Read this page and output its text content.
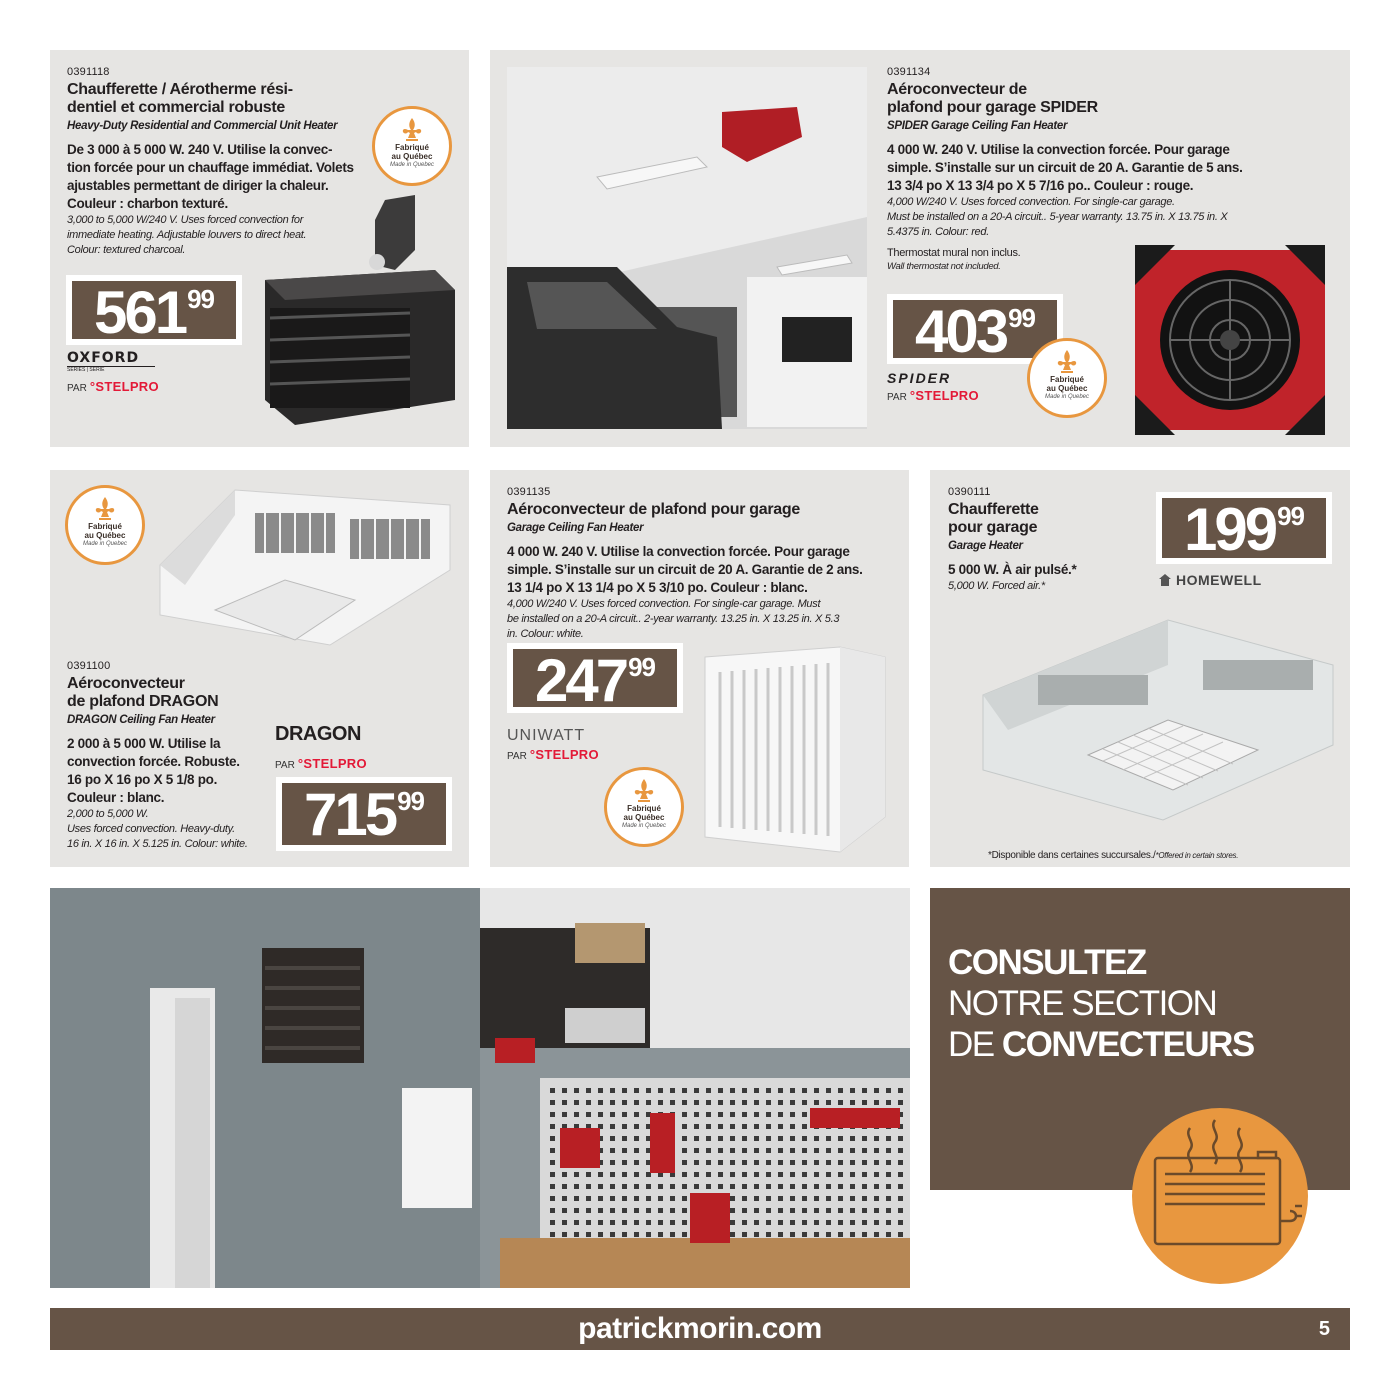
0391118
Chaufferette / Aérotherme rési-
dentiel et commercial robuste
Heavy-Duty Residential and Commercial Unit Heater
De 3 000 à 5 000 W. 240 V. Utilise la convec-
tion forcée pour un chauffage immédiat. Volets
ajustables permettant de diriger la chaleur.
Couleur : charbon texturé.
3,000 to 5,000 W/240 V. Uses forced convection for
immediate heating. Adjustable louvers to direct heat.
Colour: textured charcoal.
Fabriqué
au Québec
Made in Quebec
561 99
OXFORD
SÉRIES | SÉRIE
PAR °STELPRO
0391134
Aéroconvecteur de
plafond pour garage SPIDER
SPIDER Garage Ceiling Fan Heater
4 000 W. 240 V. Utilise la convection forcée. Pour garage
simple. S’installe sur un circuit de 20 A. Garantie de 5 ans.
13 3/4 po X 13 3/4 po X 5 7/16 po.. Couleur : rouge.
4,000 W/240 V. Uses forced convection. For single-car garage.
Must be installed on a 20-A circuit.. 5-year warranty. 13.75 in. X 13.75 in. X
5.4375 in. Colour: red.
Thermostat mural non inclus.
Wall thermostat not included.
403 99
SPIDER
PAR °STELPRO
Fabriqué
au Québec
Made in Quebec
Fabriqué
au Québec
Made in Quebec
0391100
Aéroconvecteur
de plafond DRAGON
DRAGON Ceiling Fan Heater
2 000 à 5 000 W. Utilise la
convection forcée. Robuste.
16 po X 16 po X 5 1/8 po.
Couleur : blanc.
2,000 to 5,000 W.
Uses forced convection. Heavy-duty.
16 in. X 16 in. X 5.125 in. Colour: white.
DRAGON
PAR °STELPRO
715 99
0391135
Aéroconvecteur de plafond pour garage
Garage Ceiling Fan Heater
4 000 W. 240 V. Utilise la convection forcée. Pour garage
simple. S’installe sur un circuit de 20 A. Garantie de 2 ans.
13 1/4 po X 13 1/4 po X 5 3/10 po. Couleur : blanc.
4,000 W/240 V. Uses forced convection. For single-car garage. Must
be installed on a 20-A circuit.. 2-year warranty. 13.25 in. X 13.25 in. X 5.3
in. Colour: white.
247 99
UNIWATT
PAR °STELPRO
Fabriqué
au Québec
Made in Quebec
0390111
Chaufferette
pour garage
Garage Heater
5 000 W. À air pulsé.*
5,000 W. Forced air.*
199 99
HOMEWELL
*Disponible dans certaines succursales./*Offered in certain stores.
CONSULTEZ
NOTRE SECTION
DE CONVECTEURS
patrickmorin.com	5
